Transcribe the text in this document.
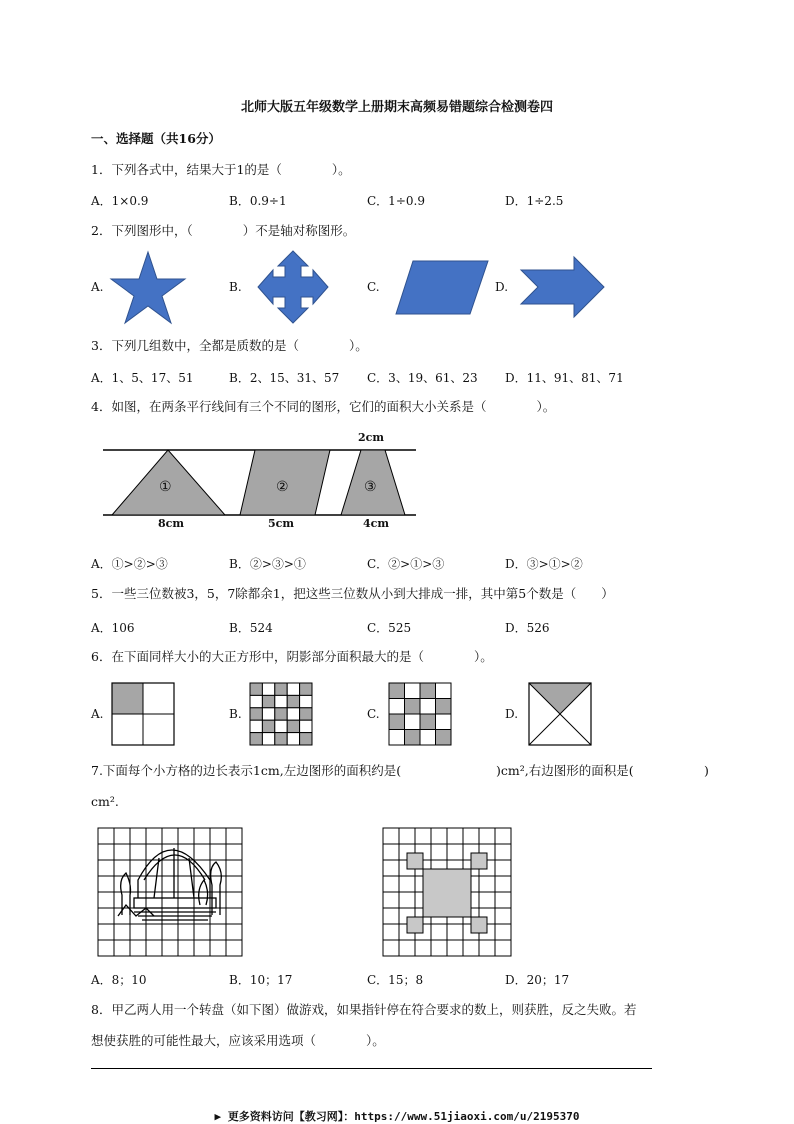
北师大版五年级数学上册期末高频易错题综合检测卷四
一、选择题（共16分）
1．下列各式中，结果大于1的是（　　　　）。
A．1×0.9	B．0.9÷1	C．1÷0.9	D．1÷2.5
2．下列图形中，（　　　　）不是轴对称图形。
A.	B.	C.	D.
3．下列几组数中，全都是质数的是（　　　　）。
A．1、5、17、51	B．2、15、31、57 C．3、19、61、23 D．11、91、81、71
4．如图，在两条平行线间有三个不同的图形，它们的面积大小关系是（　　　　）。
2cm
①	②	③
8cm	5cm	4cm
A．①>②>③	B．②>③>①	C．②>①>③	D．③>①>②
5．一些三位数被3，5，7除都余1，把这些三位数从小到大排成一排，其中第5个数是（　　）
A．106	B．524	C．525	D．526
6．在下面同样大小的大正方形中，阴影部分面积最大的是（　　　　）。
A.	B.	C.	D.
7.下面每个小方格的边长表示1cm,左边图形的面积约是(	)cm²,右边图形的面积是(	)
cm².
A．8；10	B．10；17	C．15；8	D．20；17
8．甲乙两人用一个转盘（如下图）做游戏，如果指针停在符合要求的数上，则获胜，反之失败。若
想使获胜的可能性最大，应该采用选项（　　　　）。
▶ 更多资料访问【教习网】：https://www.51jiaoxi.com/u/2195370
